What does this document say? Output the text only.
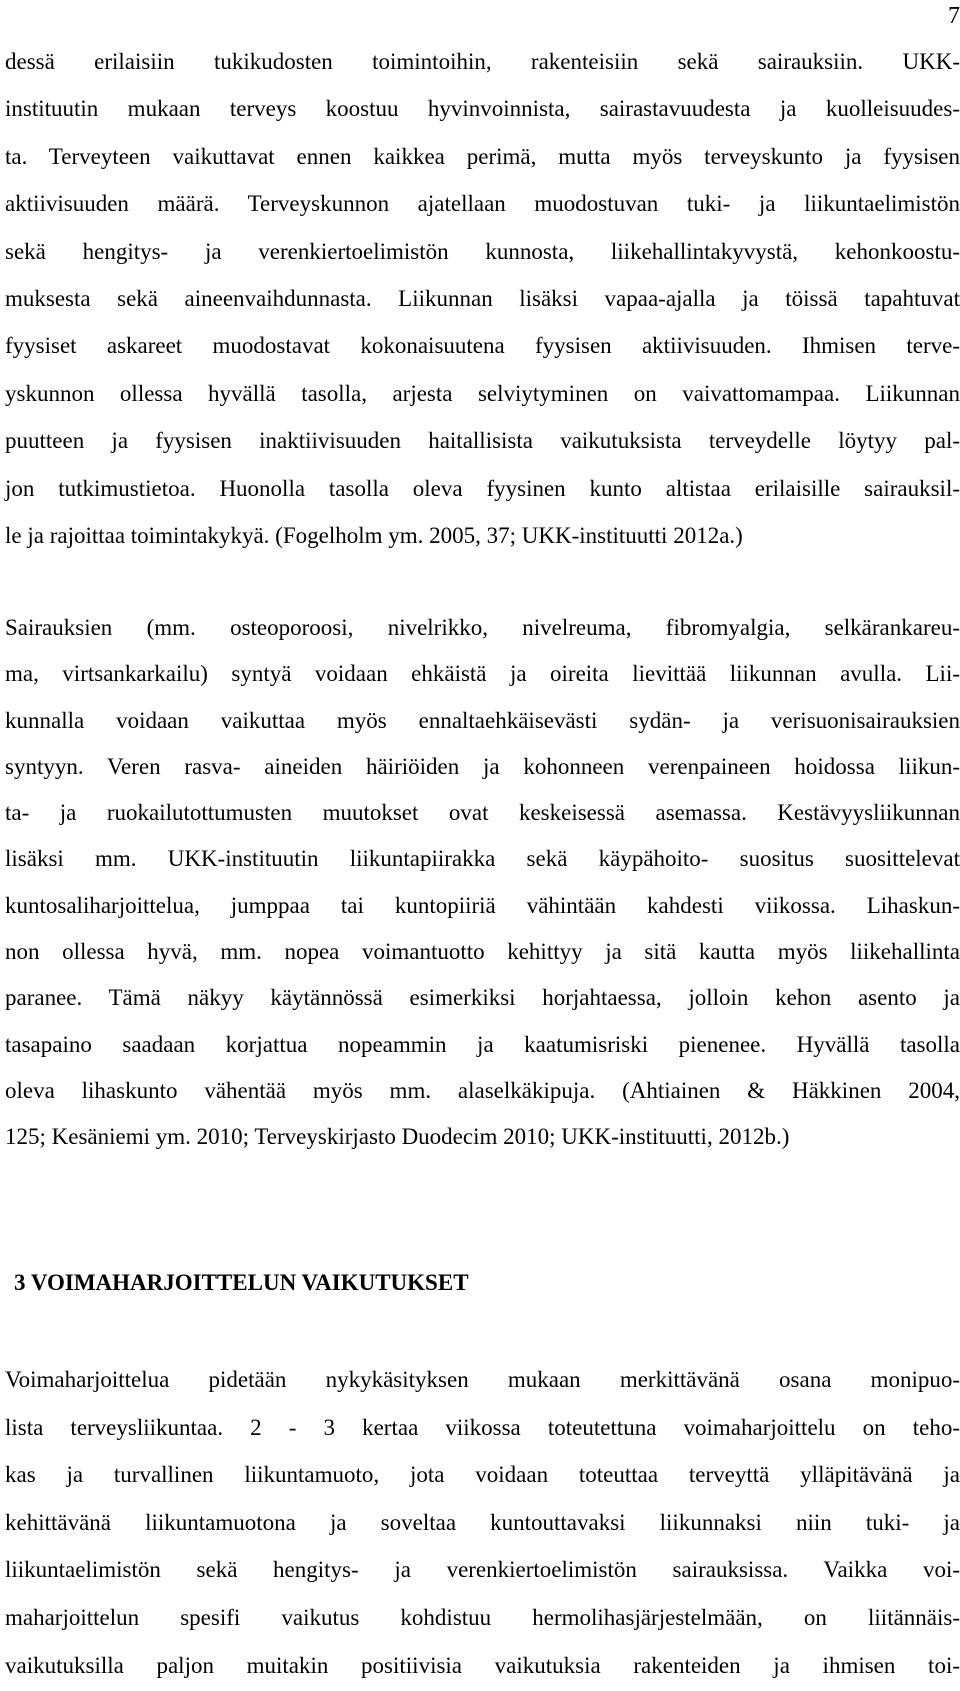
7
dessä erilaisiin tukikudosten toimintoihin, rakenteisiin sekä sairauksiin. UKK-
instituutin mukaan terveys koostuu hyvinvoinnista, sairastavuudesta ja kuolleisuudes-
ta. Terveyteen vaikuttavat ennen kaikkea perimä, mutta myös terveyskunto ja fyysisen
aktiivisuuden määrä. Terveyskunnon ajatellaan muodostuvan tuki- ja liikuntaelimistön
sekä hengitys- ja verenkiertoelimistön kunnosta, liikehallintakyvystä, kehonkoostu-
muksesta sekä aineenvaihdunnasta. Liikunnan lisäksi vapaa-ajalla ja töissä tapahtuvat
fyysiset askareet muodostavat kokonaisuutena fyysisen aktiivisuuden. Ihmisen terve-
yskunnon ollessa hyvällä tasolla, arjesta selviytyminen on vaivattomampaa. Liikunnan
puutteen ja fyysisen inaktiivisuuden haitallisista vaikutuksista terveydelle löytyy pal-
jon tutkimustietoa. Huonolla tasolla oleva fyysinen kunto altistaa erilaisille sairauksil-
le ja rajoittaa toimintakykyä. (Fogelholm ym. 2005, 37; UKK-instituutti 2012a.)
Sairauksien (mm. osteoporoosi, nivelrikko, nivelreuma, fibromyalgia, selkärankareu-
ma, virtsankarkailu) syntyä voidaan ehkäistä ja oireita lievittää liikunnan avulla. Lii-
kunnalla voidaan vaikuttaa myös ennaltaehkäisevästi sydän- ja verisuonisairauksien
syntyyn. Veren rasva- aineiden häiriöiden ja kohonneen verenpaineen hoidossa liikun-
ta- ja ruokailutottumusten muutokset ovat keskeisessä asemassa. Kestävyysliikunnan
lisäksi mm. UKK-instituutin liikuntapiirakka sekä käypähoito- suositus suosittelevat
kuntosaliharjoittelua, jumppaa tai kuntopiiriä vähintään kahdesti viikossa. Lihaskun-
non ollessa hyvä, mm. nopea voimantuotto kehittyy ja sitä kautta myös liikehallinta
paranee. Tämä näkyy käytännössä esimerkiksi horjahtaessa, jolloin kehon asento ja
tasapaino saadaan korjattua nopeammin ja kaatumisriski pienenee. Hyvällä tasolla
oleva lihaskunto vähentää myös mm. alaselkäkipuja. (Ahtiainen & Häkkinen 2004,
125; Kesäniemi ym. 2010; Terveyskirjasto Duodecim 2010; UKK-instituutti, 2012b.)
3 VOIMAHARJOITTELUN VAIKUTUKSET
Voimaharjoittelua pidetään nykykäsityksen mukaan merkittävänä osana monipuo-
lista terveysliikuntaa. 2 - 3 kertaa viikossa toteutettuna voimaharjoittelu on teho-
kas ja turvallinen liikuntamuoto, jota voidaan toteuttaa terveyttä ylläpitävänä ja
kehittävänä liikuntamuotona ja soveltaa kuntouttavaksi liikunnaksi niin tuki- ja
liikuntaelimistön sekä hengitys- ja verenkiertoelimistön sairauksissa. Vaikka voi-
maharjoittelun spesifi vaikutus kohdistuu hermolihasjärjestelmään, on liitännäis-
vaikutuksilla paljon muitakin positiivisia vaikutuksia rakenteiden ja ihmisen toi-
